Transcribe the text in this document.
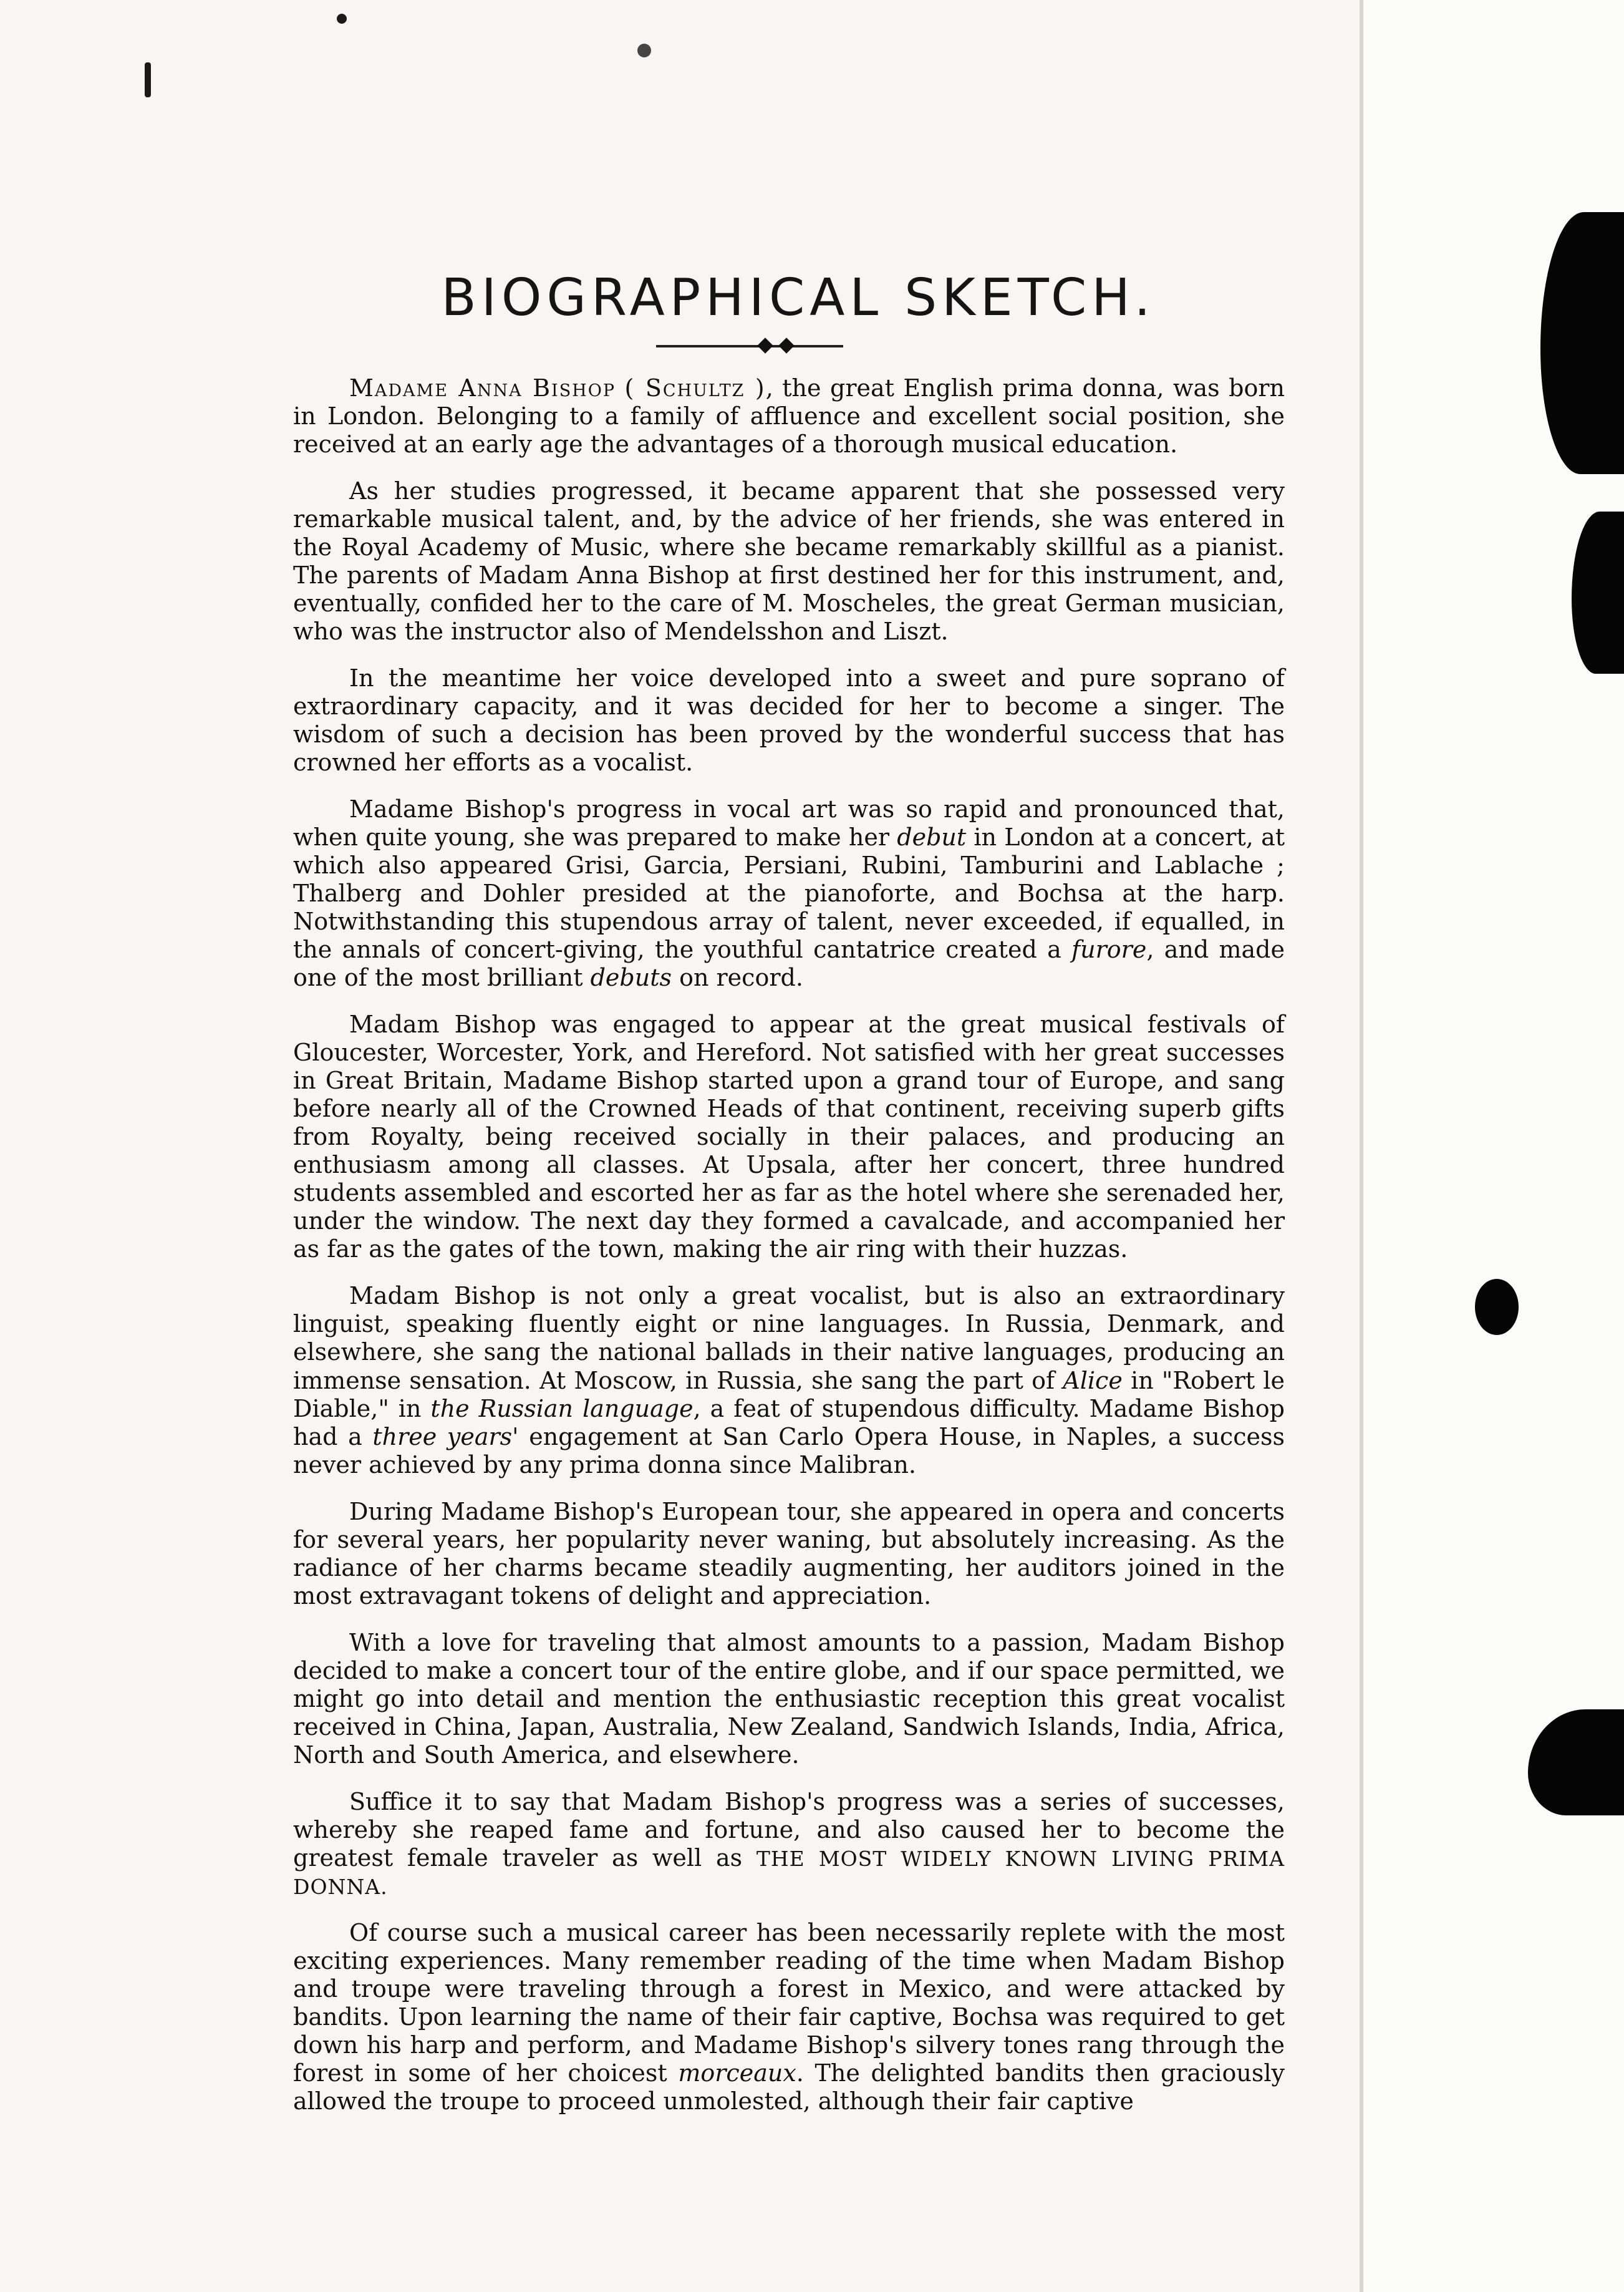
BIOGRAPHICAL SKETCH.

Madame Anna Bishop ( Schultz ), the great English prima donna, was born in London. Belonging to a family of affluence and excellent social position, she received at an early age the advantages of a thorough musical education.

As her studies progressed, it became apparent that she possessed very remarkable musical talent, and, by the advice of her friends, she was entered in the Royal Academy of Music, where she became remarkably skillful as a pianist. The parents of Madam Anna Bishop at first destined her for this instrument, and, eventually, confided her to the care of M. Moscheles, the great German musician, who was the instructor also of Mendelsshon and Liszt.

In the meantime her voice developed into a sweet and pure soprano of extraordinary capacity, and it was decided for her to become a singer. The wisdom of such a decision has been proved by the wonderful success that has crowned her efforts as a vocalist.

Madame Bishop's progress in vocal art was so rapid and pronounced that, when quite young, she was prepared to make her debut in London at a concert, at which also appeared Grisi, Garcia, Persiani, Rubini, Tamburini and Lablache ; Thalberg and Dohler presided at the pianoforte, and Bochsa at the harp. Notwithstanding this stupendous array of talent, never exceeded, if equalled, in the annals of concert-giving, the youthful cantatrice created a furore, and made one of the most brilliant debuts on record.

Madam Bishop was engaged to appear at the great musical festivals of Gloucester, Worcester, York, and Hereford. Not satisfied with her great successes in Great Britain, Madame Bishop started upon a grand tour of Europe, and sang before nearly all of the Crowned Heads of that continent, receiving superb gifts from Royalty, being received socially in their palaces, and producing an enthusiasm among all classes. At Upsala, after her concert, three hundred students assembled and escorted her as far as the hotel where she serenaded her, under the window. The next day they formed a cavalcade, and accompanied her as far as the gates of the town, making the air ring with their huzzas.

Madam Bishop is not only a great vocalist, but is also an extraordinary linguist, speaking fluently eight or nine languages. In Russia, Denmark, and elsewhere, she sang the national ballads in their native languages, producing an immense sensation. At Moscow, in Russia, she sang the part of Alice in "Robert le Diable," in the Russian language, a feat of stupendous difficulty. Madame Bishop had a three years' engagement at San Carlo Opera House, in Naples, a success never achieved by any prima donna since Malibran.

During Madame Bishop's European tour, she appeared in opera and concerts for several years, her popularity never waning, but absolutely increasing. As the radiance of her charms became steadily augmenting, her auditors joined in the most extravagant tokens of delight and appreciation.

With a love for traveling that almost amounts to a passion, Madam Bishop decided to make a concert tour of the entire globe, and if our space permitted, we might go into detail and mention the enthusiastic reception this great vocalist received in China, Japan, Australia, New Zealand, Sandwich Islands, India, Africa, North and South America, and elsewhere.

Suffice it to say that Madam Bishop's progress was a series of successes, whereby she reaped fame and fortune, and also caused her to become the greatest female traveler as well as THE MOST WIDELY KNOWN LIVING PRIMA DONNA.

Of course such a musical career has been necessarily replete with the most exciting experiences. Many remember reading of the time when Madam Bishop and troupe were traveling through a forest in Mexico, and were attacked by bandits. Upon learning the name of their fair captive, Bochsa was required to get down his harp and perform, and Madame Bishop's silvery tones rang through the forest in some of her choicest morceaux. The delighted bandits then graciously allowed the troupe to proceed unmolested, although their fair captive
